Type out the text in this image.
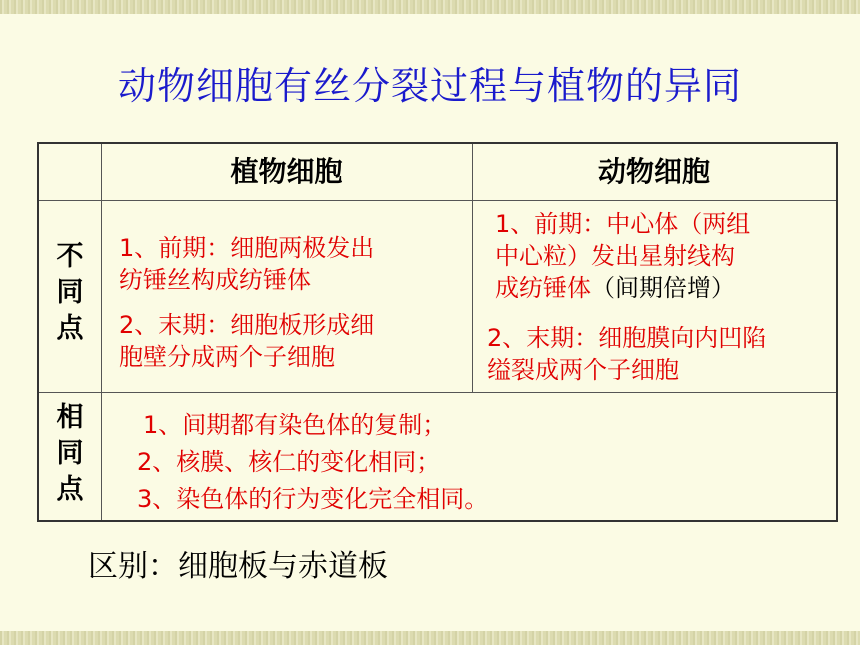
动物细胞有丝分裂过程与植物的异同
植物细胞	动物细胞
不同点
相同点
1、前期：细胞两极发出
纺锤丝构成纺锤体
2、末期：细胞板形成细
胞壁分成两个子细胞
1、前期：中心体（两组
中心粒）发出星射线构
成纺锤体（间期倍增）
2、末期：细胞膜向内凹陷
缢裂成两个子细胞
1、间期都有染色体的复制；
2、核膜、核仁的变化相同；
3、染色体的行为变化完全相同。
区别：细胞板与赤道板
